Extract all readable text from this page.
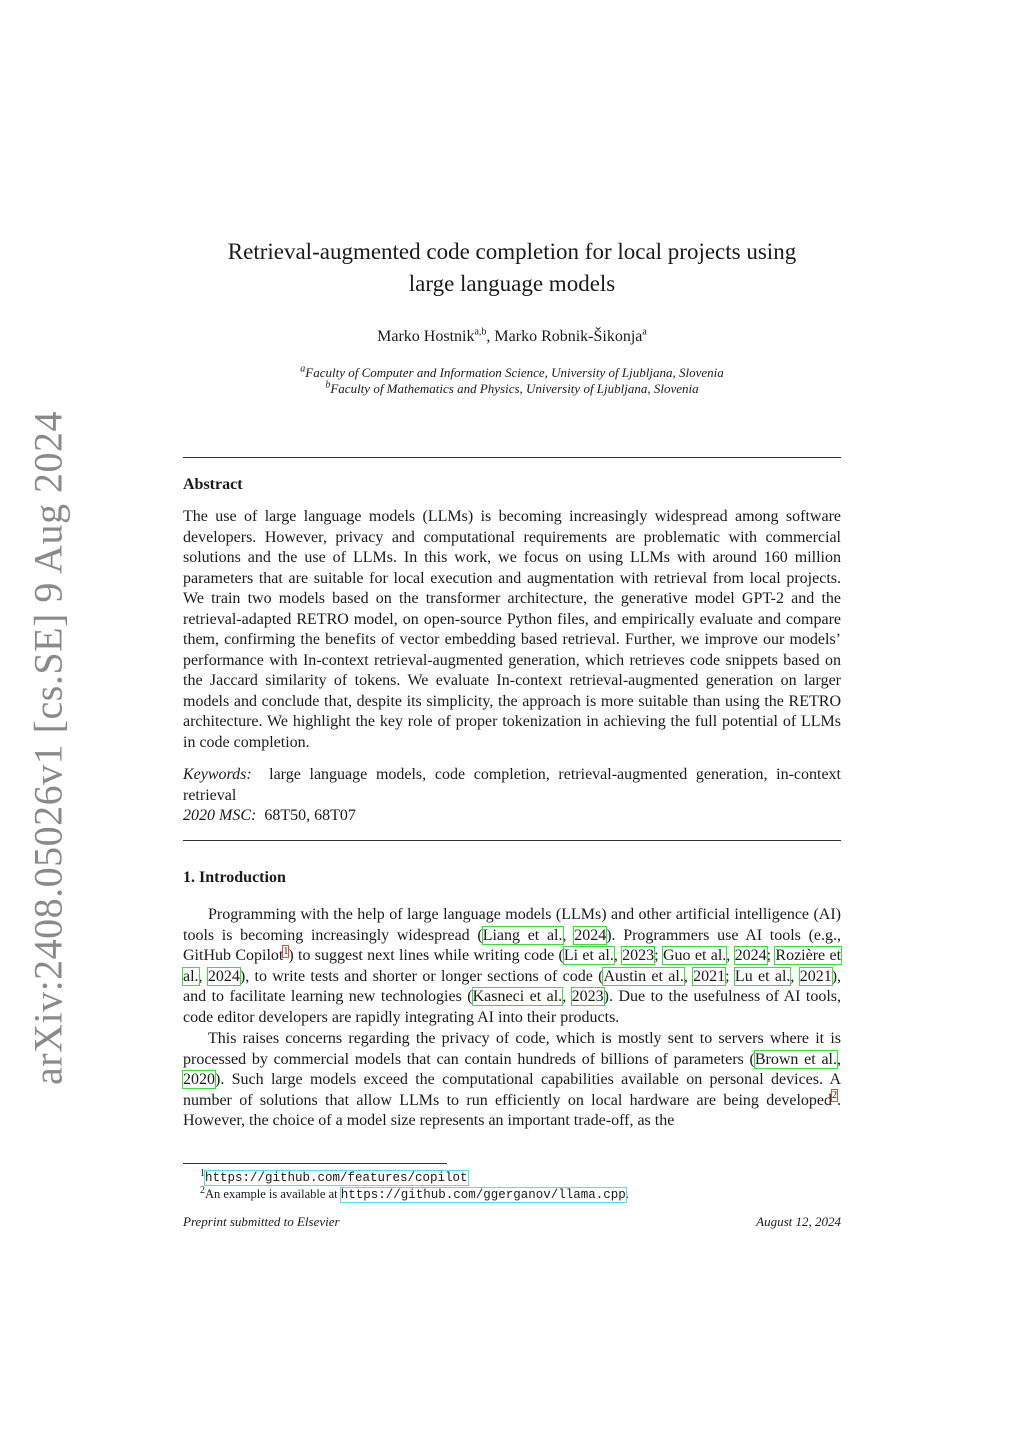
arXiv:2408.05026v1 [cs.SE] 9 Aug 2024
Retrieval-augmented code completion for local projects using
large language models
Marko Hostnik$^{a,b}$, Marko Robnik-Šikonja$^a$
$^a$Faculty of Computer and Information Science, University of Ljubljana, Slovenia
$^b$Faculty of Mathematics and Physics, University of Ljubljana, Slovenia
Abstract
The use of large language models (LLMs) is becoming increasingly widespread among software developers. However, privacy and computational requirements are problematic with commercial solutions and the use of LLMs. In this work, we focus on using LLMs with around 160 million parameters that are suitable for local execution and augmentation with retrieval from local projects. We train two models based on the transformer architecture, the generative model GPT-2 and the retrieval-adapted RETRO model, on open-source Python files, and empirically evaluate and compare them, confirming the benefits of vector embedding based retrieval. Further, we improve our models’ performance with In-context retrieval-augmented generation, which retrieves code snippets based on the Jaccard similarity of tokens. We evaluate In-context retrieval-augmented generation on larger models and conclude that, despite its simplicity, the approach is more suitable than using the RETRO architecture. We highlight the key role of proper tokenization in achieving the full potential of LLMs in code completion.
Keywords: large language models, code completion, retrieval-augmented generation, in-context retrieval
2020 MSC: 68T50, 68T07
1. Introduction
Programming with the help of large language models (LLMs) and other artificial intelligence (AI) tools is becoming increasingly widespread (Liang et al., 2024). Programmers use AI tools (e.g., GitHub Copilot$^1$) to suggest next lines while writing code (Li et al., 2023; Guo et al., 2024; Rozière et al., 2024), to write tests and shorter or longer sections of code (Austin et al., 2021; Lu et al., 2021), and to facilitate learning new technologies (Kasneci et al., 2023). Due to the usefulness of AI tools, code editor developers are rapidly integrating AI into their products.
This raises concerns regarding the privacy of code, which is mostly sent to servers where it is processed by commercial models that can contain hundreds of billions of parameters (Brown et al., 2020). Such large models exceed the computational capabilities available on personal devices. A number of solutions that allow LLMs to run efficiently on local hardware are being developed$^2$. However, the choice of a model size represents an important trade-off, as the
$^1$https://github.com/features/copilot
$^2$An example is available at https://github.com/ggerganov/llama.cpp.
Preprint submitted to Elsevier	August 12, 2024
